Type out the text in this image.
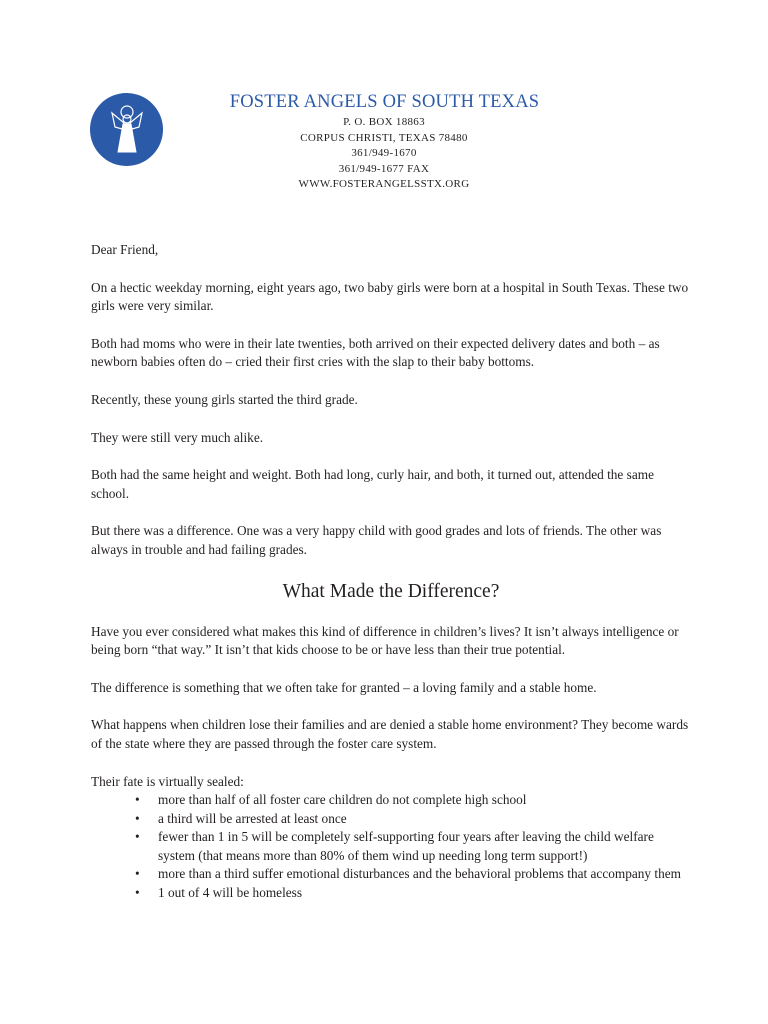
FOSTER ANGELS OF SOUTH TEXAS
P. O. BOX 18863
CORPUS CHRISTI, TEXAS 78480
361/949-1670
361/949-1677 FAX
WWW.FOSTERANGELSSTX.ORG

Dear Friend,

On a hectic weekday morning, eight years ago, two baby girls were born at a hospital in South Texas. These two girls were very similar.

Both had moms who were in their late twenties, both arrived on their expected delivery dates and both – as newborn babies often do – cried their first cries with the slap to their baby bottoms.

Recently, these young girls started the third grade.

They were still very much alike.

Both had the same height and weight. Both had long, curly hair, and both, it turned out, attended the same school.

But there was a difference. One was a very happy child with good grades and lots of friends. The other was always in trouble and had failing grades.

What Made the Difference?

Have you ever considered what makes this kind of difference in children’s lives? It isn’t always intelligence or being born “that way.” It isn’t that kids choose to be or have less than their true potential.

The difference is something that we often take for granted – a loving family and a stable home.

What happens when children lose their families and are denied a stable home environment? They become wards of the state where they are passed through the foster care system.

Their fate is virtually sealed:

• more than half of all foster care children do not complete high school
• a third will be arrested at least once
• fewer than 1 in 5 will be completely self-supporting four years after leaving the child welfare system (that means more than 80% of them wind up needing long term support!)
• more than a third suffer emotional disturbances and the behavioral problems that accompany them
• 1 out of 4 will be homeless
